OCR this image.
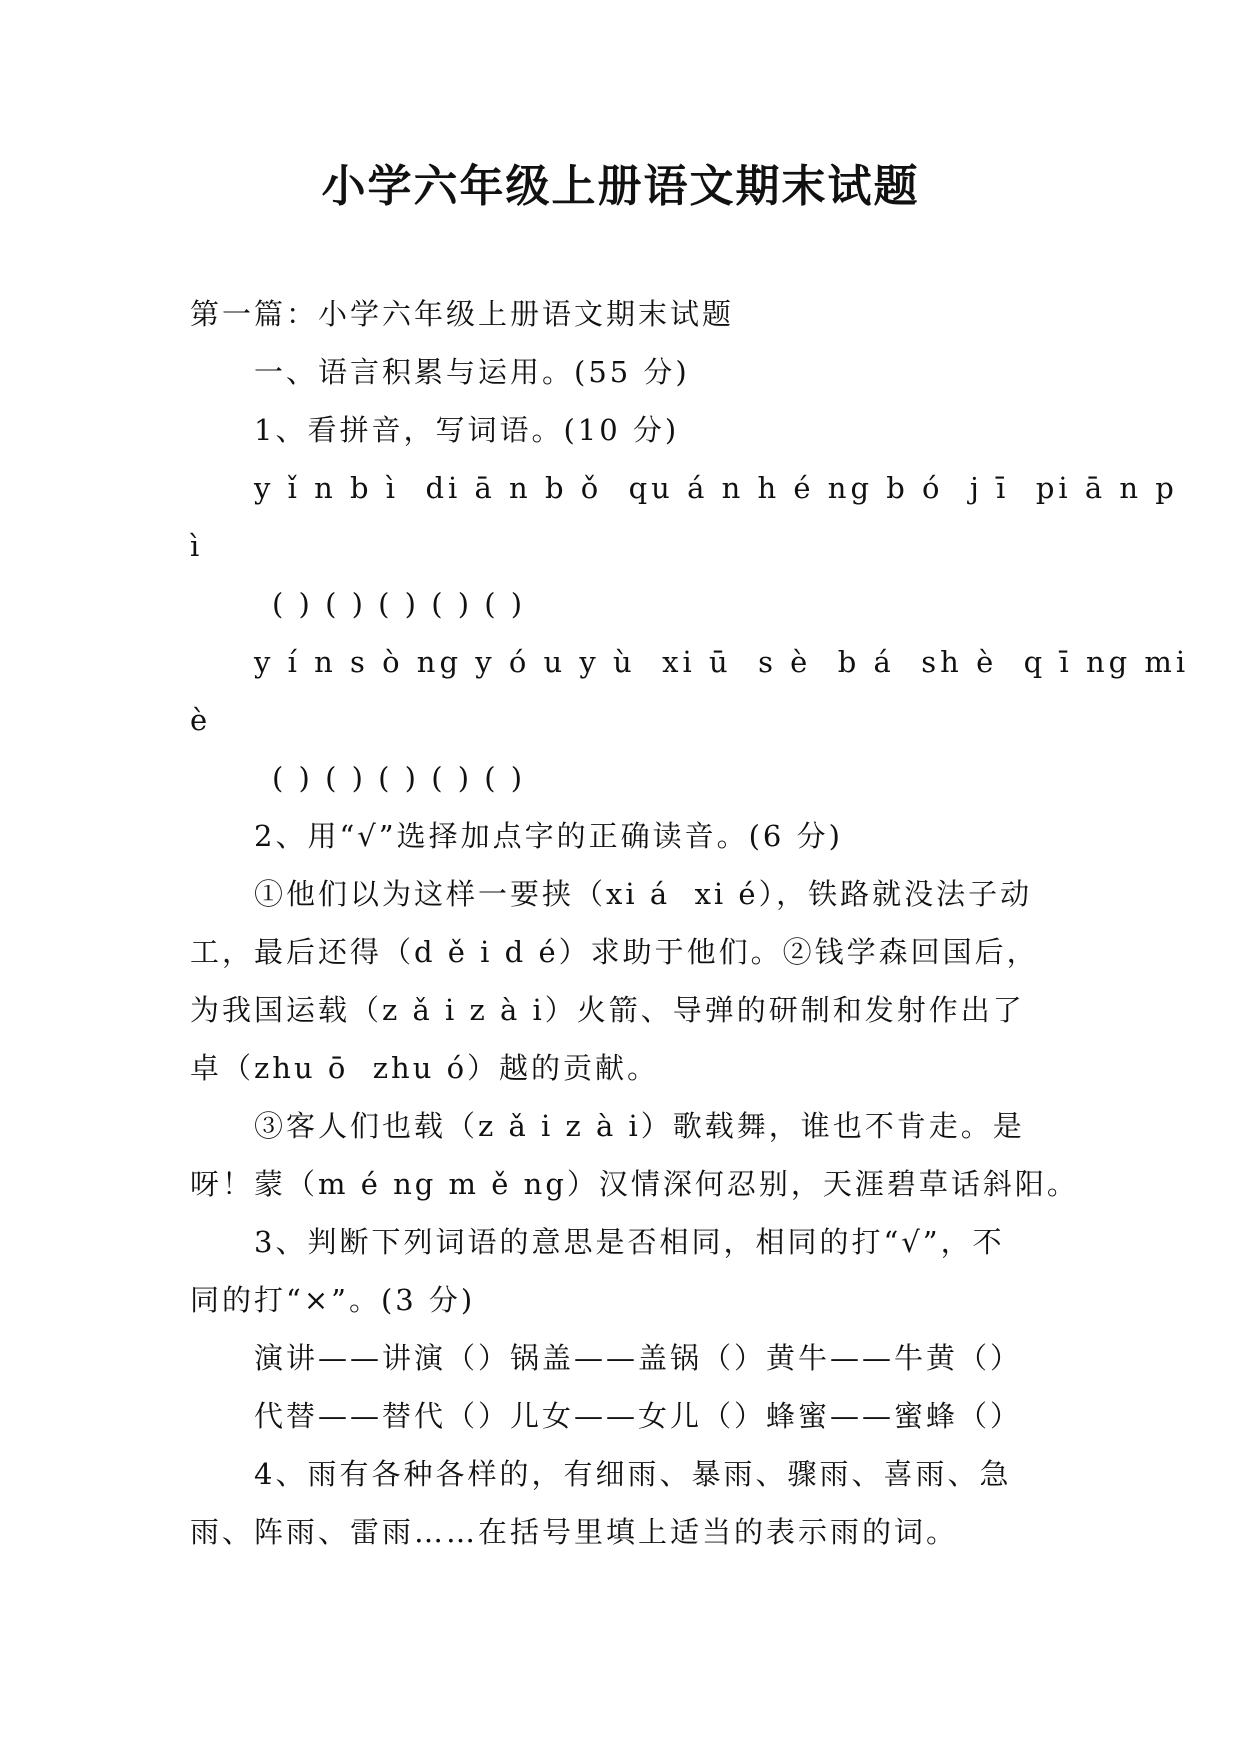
小学六年级上册语文期末试题
第一篇：小学六年级上册语文期末试题
一、语言积累与运用。(55 分)
1、看拼音，写词语。(10 分)
y ǐ n b ì  di ā n b ǒ  qu á n h é ng b ó  j ī  pi ā n p
ì
( ) ( ) ( ) ( ) ( )
y í n s ò ng y ó u y ù  xi ū  s è  b á  sh è  q ī ng mi
è
( ) ( ) ( ) ( ) ( )
2、用“√”选择加点字的正确读音。(6 分)
①他们以为这样一要挟（xi á  xi é），铁路就没法子动
工，最后还得（d ě i d é）求助于他们。②钱学森回国后，
为我国运载（z ǎ i z à i）火箭、导弹的研制和发射作出了
卓（zhu ō  zhu ó）越的贡献。
③客人们也载（z ǎ i z à i）歌载舞，谁也不肯走。是
呀！蒙（m é ng m ě ng）汉情深何忍别，天涯碧草话斜阳。
3、判断下列词语的意思是否相同，相同的打“√”，不
同的打“×”。(3 分)
演讲——讲演（）锅盖——盖锅（）黄牛——牛黄（）
代替——替代（）儿女——女儿（）蜂蜜——蜜蜂（）
4、雨有各种各样的，有细雨、暴雨、骤雨、喜雨、急
雨、阵雨、雷雨……在括号里填上适当的表示雨的词。
